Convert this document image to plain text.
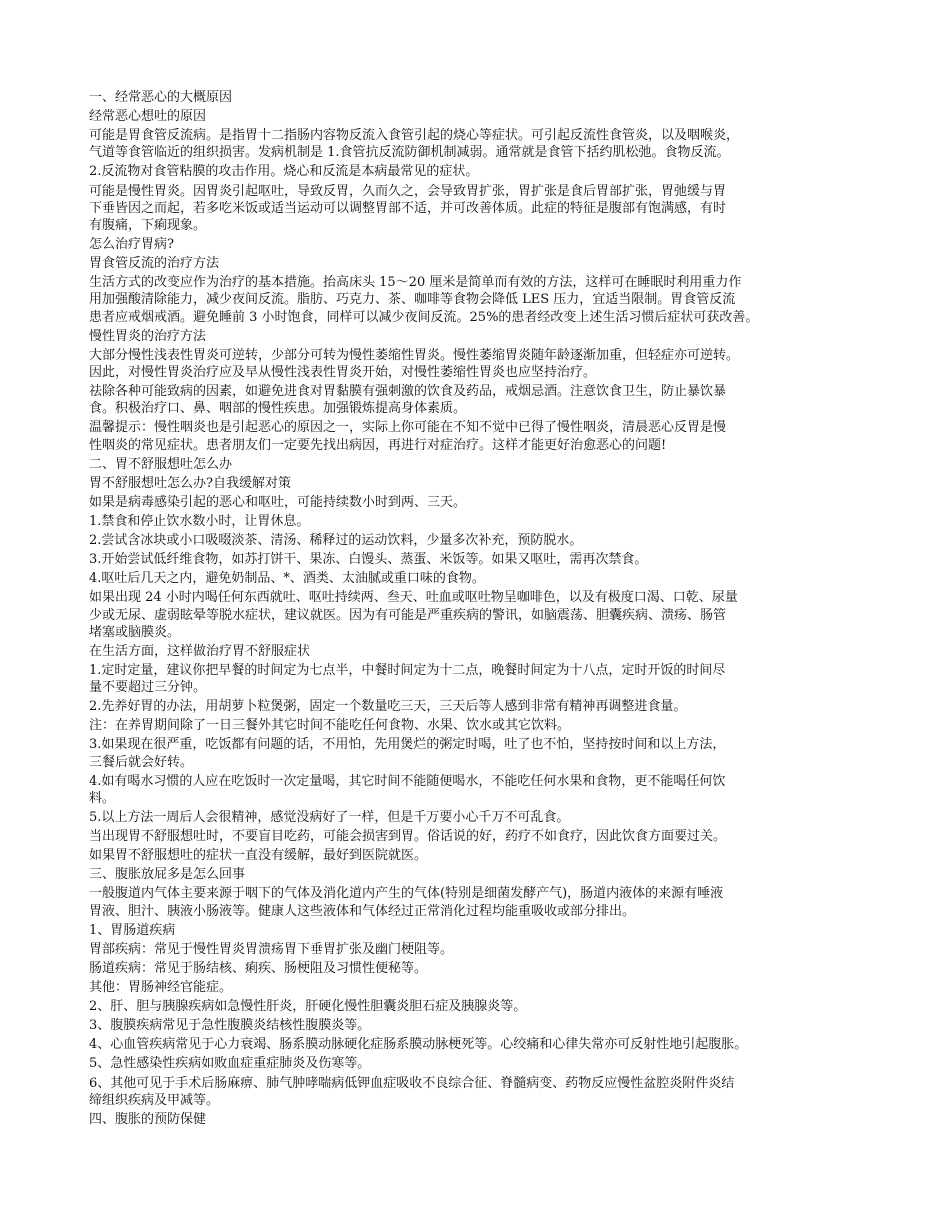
一、经常恶心的大概原因
经常恶心想吐的原因
可能是胃食管反流病。是指胃十二指肠内容物反流入食管引起的烧心等症状。可引起反流性食管炎，以及咽喉炎，
气道等食管临近的组织损害。发病机制是 1.食管抗反流防御机制减弱。通常就是食管下括约肌松弛。食物反流。
2.反流物对食管粘膜的攻击作用。烧心和反流是本病最常见的症状。
可能是慢性胃炎。因胃炎引起呕吐，导致反胃，久而久之，会导致胃扩张，胃扩张是食后胃部扩张，胃弛缓与胃
下垂皆因之而起，若多吃米饭或适当运动可以调整胃部不适，并可改善体质。此症的特征是腹部有饱满感，有时
有腹痛，下痢现象。
怎么治疗胃病?
胃食管反流的治疗方法
生活方式的改变应作为治疗的基本措施。抬高床头 15～20 厘米是简单而有效的方法，这样可在睡眠时利用重力作
用加强酸清除能力，减少夜间反流。脂肪、巧克力、茶、咖啡等食物会降低 LES 压力，宜适当限制。胃食管反流
患者应戒烟戒酒。避免睡前 3 小时饱食，同样可以减少夜间反流。25%的患者经改变上述生活习惯后症状可获改善。
慢性胃炎的治疗方法
大部分慢性浅表性胃炎可逆转，少部分可转为慢性萎缩性胃炎。慢性萎缩胃炎随年龄逐渐加重，但轻症亦可逆转。
因此，对慢性胃炎治疗应及早从慢性浅表性胃炎开始，对慢性萎缩性胃炎也应坚持治疗。
祛除各种可能致病的因素，如避免进食对胃黏膜有强刺激的饮食及药品，戒烟忌酒。注意饮食卫生，防止暴饮暴
食。积极治疗口、鼻、咽部的慢性疾患。加强锻炼提高身体素质。
温馨提示：慢性咽炎也是引起恶心的原因之一，实际上你可能在不知不觉中已得了慢性咽炎，清晨恶心反胃是慢
性咽炎的常见症状。患者朋友们一定要先找出病因，再进行对症治疗。这样才能更好治愈恶心的问题!
二、胃不舒服想吐怎么办
胃不舒服想吐怎么办?自我缓解对策
如果是病毒感染引起的恶心和呕吐，可能持续数小时到两、三天。
1.禁食和停止饮水数小时，让胃休息。
2.尝试含冰块或小口吸啜淡茶、清汤、稀释过的运动饮料，少量多次补充，预防脱水。
3.开始尝试低纤维食物，如苏打饼干、果冻、白馒头、蒸蛋、米饭等。如果又呕吐，需再次禁食。
4.呕吐后几天之内，避免奶制品、*、酒类、太油腻或重口味的食物。
如果出现 24 小时内喝任何东西就吐、呕吐持续两、叁天、吐血或呕吐物呈咖啡色，以及有极度口渴、口乾、尿量
少或无尿、虚弱眩晕等脱水症状，建议就医。因为有可能是严重疾病的警讯，如脑震荡、胆囊疾病、溃疡、肠管
堵塞或脑膜炎。
在生活方面，这样做治疗胃不舒服症状
1.定时定量，建议你把早餐的时间定为七点半，中餐时间定为十二点，晚餐时间定为十八点，定时开饭的时间尽
量不要超过三分钟。
2.先养好胃的办法，用胡萝卜粒煲粥，固定一个数量吃三天，三天后等人感到非常有精神再调整进食量。
注：在养胃期间除了一日三餐外其它时间不能吃任何食物、水果、饮水或其它饮料。
3.如果现在很严重，吃饭都有问题的话，不用怕，先用煲烂的粥定时喝，吐了也不怕，坚持按时间和以上方法，
三餐后就会好转。
4.如有喝水习惯的人应在吃饭时一次定量喝，其它时间不能随便喝水，不能吃任何水果和食物，更不能喝任何饮
料。
5.以上方法一周后人会很精神，感觉没病好了一样，但是千万要小心千万不可乱食。
当出现胃不舒服想吐时，不要盲目吃药，可能会损害到胃。俗话说的好，药疗不如食疗，因此饮食方面要过关。
如果胃不舒服想吐的症状一直没有缓解，最好到医院就医。
三、腹胀放屁多是怎么回事
一般腹道内气体主要来源于咽下的气体及消化道内产生的气体(特别是细菌发酵产气)，肠道内液体的来源有唾液
胃液、胆汁、胰液小肠液等。健康人这些液体和气体经过正常消化过程均能重吸收或部分排出。
1、胃肠道疾病
胃部疾病：常见于慢性胃炎胃溃疡胃下垂胃扩张及幽门梗阻等。
肠道疾病：常见于肠结核、痢疾、肠梗阻及习惯性便秘等。
其他：胃肠神经官能症。
2、肝、胆与胰腺疾病如急慢性肝炎，肝硬化慢性胆囊炎胆石症及胰腺炎等。
3、腹膜疾病常见于急性腹膜炎结核性腹膜炎等。
4、心血管疾病常见于心力衰竭、肠系膜动脉硬化症肠系膜动脉梗死等。心绞痛和心律失常亦可反射性地引起腹胀。
5、急性感染性疾病如败血症重症肺炎及伤寒等。
6、其他可见于手术后肠麻痹、肺气肿哮喘病低钾血症吸收不良综合征、脊髓病变、药物反应慢性盆腔炎附件炎结
缔组织疾病及甲减等。
四、腹胀的预防保健
